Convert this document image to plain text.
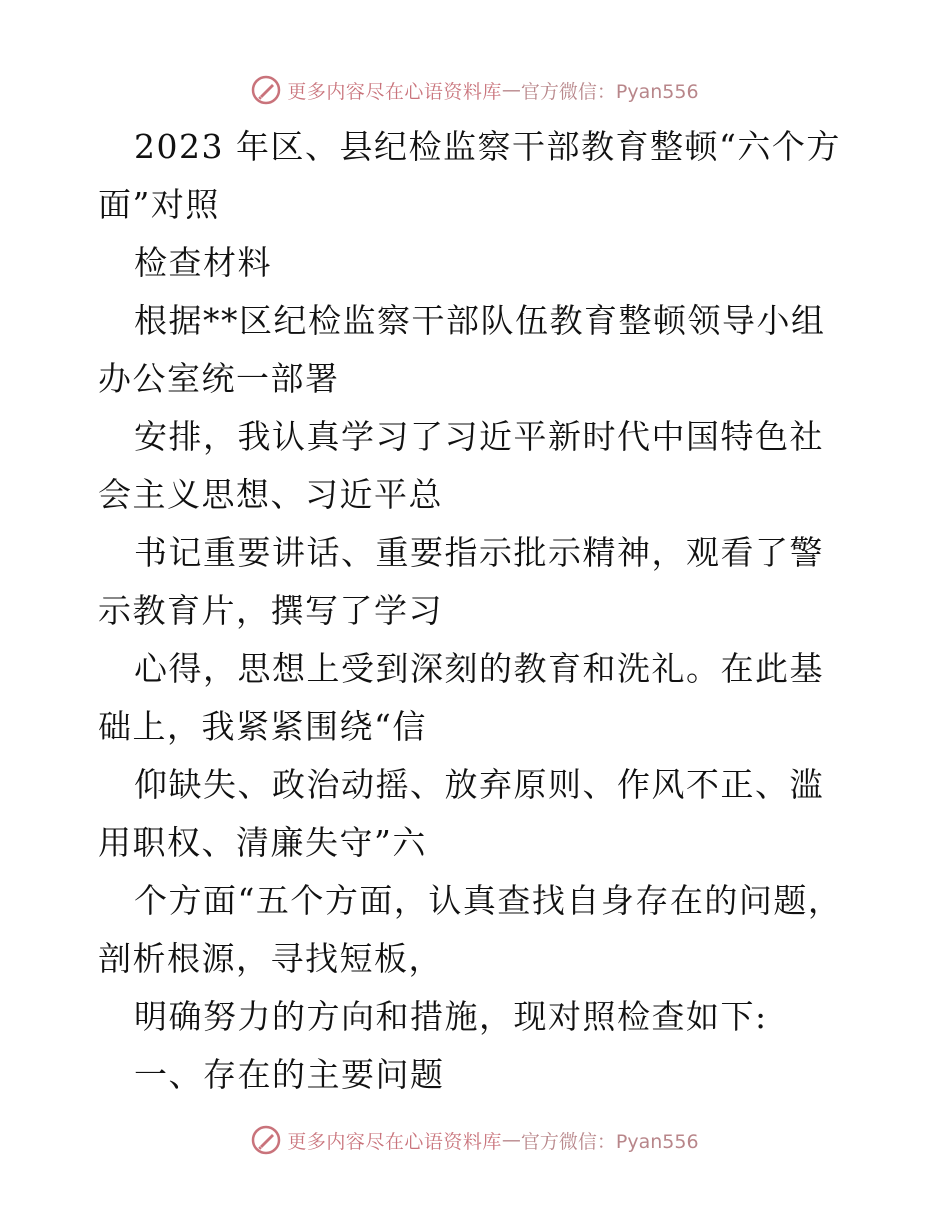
更多内容尽在心语资料库 — 官方微信：Pyan556

2023 年区、县纪检监察干部教育整顿“六个方面”对照

检查材料

根据**区纪检监察干部队伍教育整顿领导小组办公室统一部署

安排，我认真学习了习近平新时代中国特色社会主义思想、习近平总

书记重要讲话、重要指示批示精神，观看了警示教育片，撰写了学习

心得，思想上受到深刻的教育和洗礼。在此基础上，我紧紧围绕“信

仰缺失、政治动摇、放弃原则、作风不正、滥用职权、清廉失守”六

个方面“五个方面，认真查找自身存在的问题，剖析根源，寻找短板，

明确努力的方向和措施，现对照检查如下:

一、存在的主要问题

更多内容尽在心语资料库 — 官方微信：Pyan556
